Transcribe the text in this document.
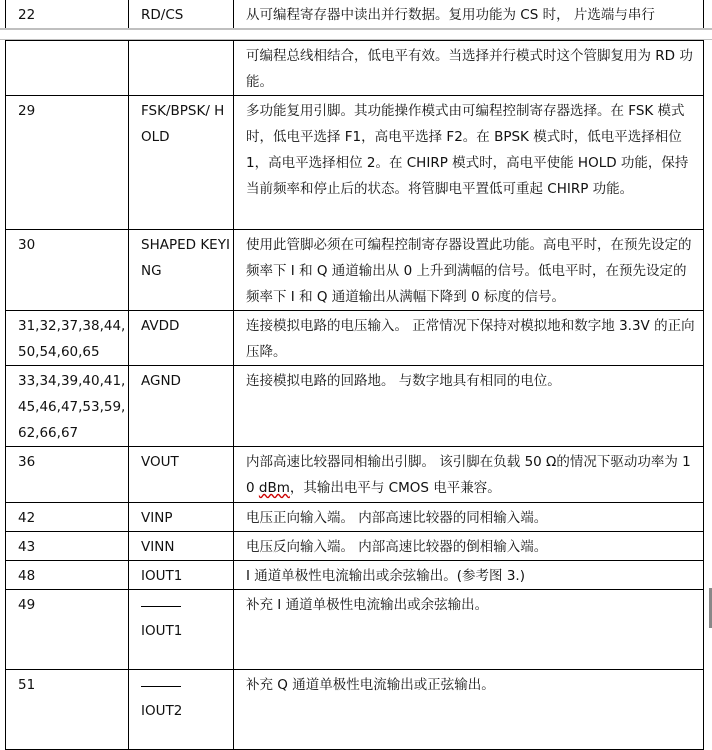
22	RD/CS	从可编程寄存器中读出并行数据。复用功能为 CS 时， 片选端与串行
		可编程总线相结合，低电平有效。当选择并行模式时这个管脚复用为 RD 功能。
29	FSK/BPSK/ HOLD	多功能复用引脚。其功能操作模式由可编程控制寄存器选择。在 FSK 模式时，低电平选择 F1，高电平选择 F2。在 BPSK 模式时，低电平选择相位 1，高电平选择相位 2。在 CHIRP 模式时，高电平使能 HOLD 功能，保持当前频率和停止后的状态。将管脚电平置低可重起 CHIRP 功能。
30	SHAPED KEYING	使用此管脚必须在可编程控制寄存器设置此功能。高电平时，在预先设定的频率下 I 和 Q 通道输出从 0 上升到满幅的信号。低电平时，在预先设定的频率下 I 和 Q 通道输出从满幅下降到 0 标度的信号。
31,32,37,38,44,50,54,60,65	AVDD	连接模拟电路的电压输入。 正常情况下保持对模拟地和数字地 3.3V 的正向压降。
33,34,39,40,41,45,46,47,53,59,62,66,67	AGND	连接模拟电路的回路地。 与数字地具有相同的电位。
36	VOUT	内部高速比较器同相输出引脚。 该引脚在负载 50 Ω的情况下驱动功率为 10 dBm，其输出电平与 CMOS 电平兼容。
42	VINP	电压正向输入端。 内部高速比较器的同相输入端。
43	VINN	电压反向输入端。 内部高速比较器的倒相输入端。
48	IOUT1	I 通道单极性电流输出或余弦输出。(参考图 3.)
49	IOUT1	补充 I 通道单极性电流输出或余弦输出。
51	IOUT2	补充 Q 通道单极性电流输出或正弦输出。
